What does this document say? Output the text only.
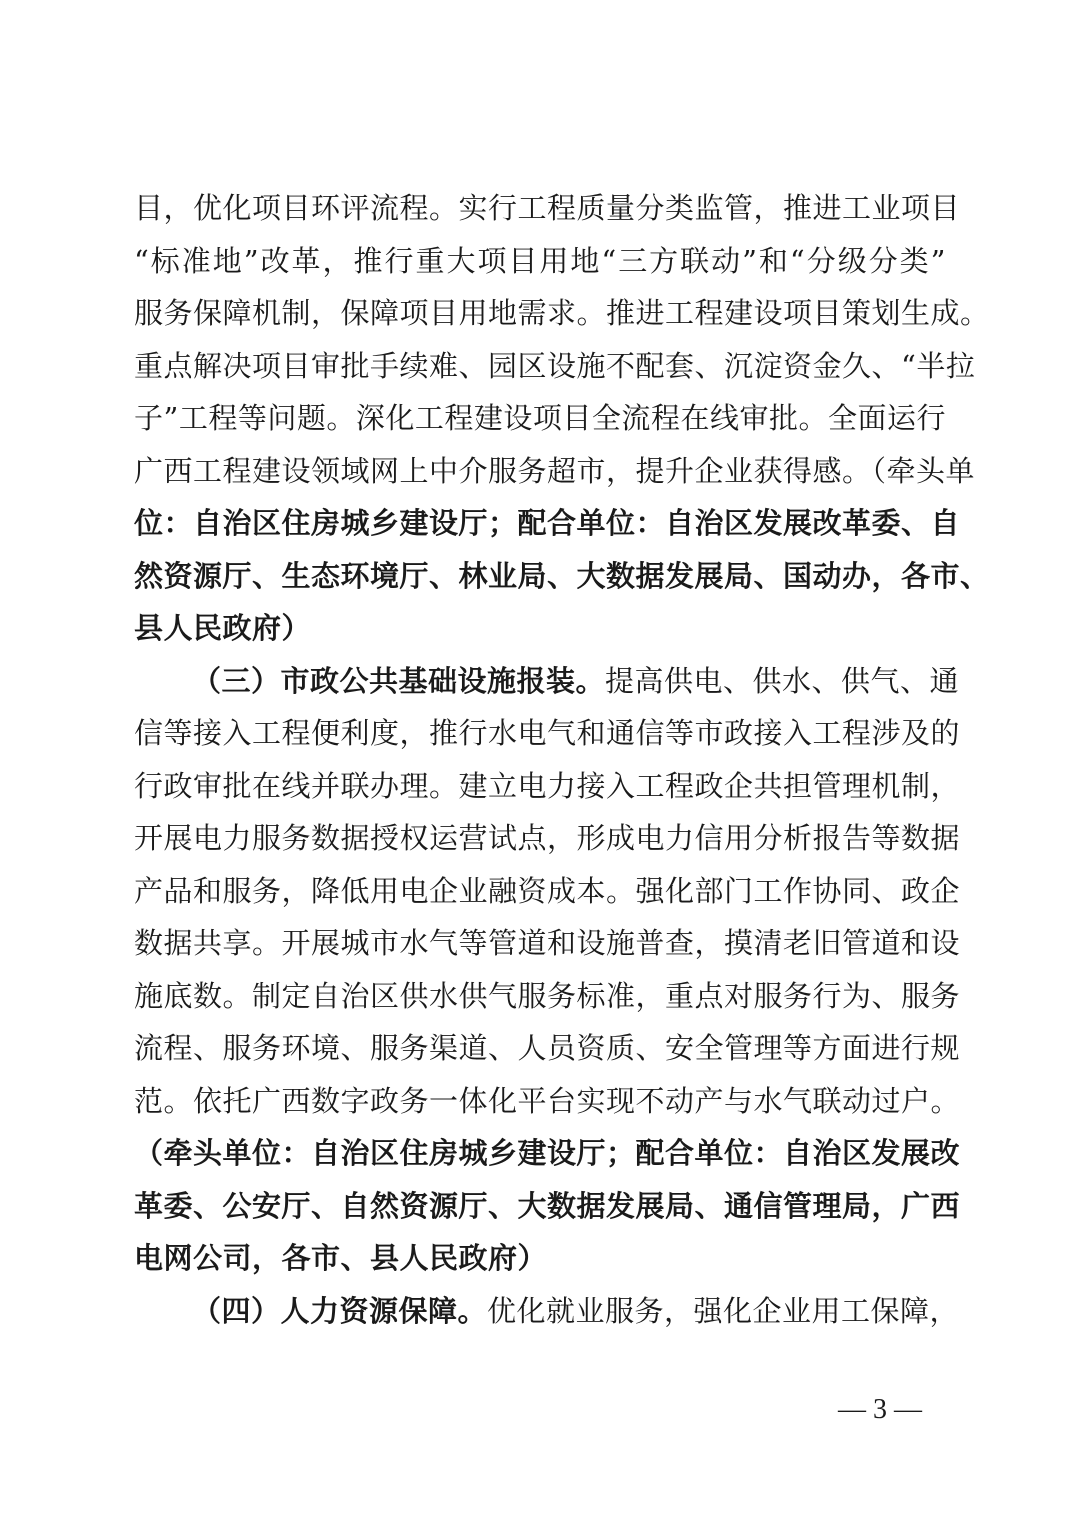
目，优化项目环评流程。实行工程质量分类监管，推进工业项目
“标准地”改革，推行重大项目用地“三方联动”和“分级分类”
服务保障机制，保障项目用地需求。推进工程建设项目策划生成。
重点解决项目审批手续难、园区设施不配套、沉淀资金久、“半拉
子”工程等问题。深化工程建设项目全流程在线审批。全面运行
广西工程建设领域网上中介服务超市，提升企业获得感。（牵头单
位：自治区住房城乡建设厅；配合单位：自治区发展改革委、自
然资源厅、生态环境厅、林业局、大数据发展局、国动办，各市、
县人民政府）
（三）市政公共基础设施报装。提高供电、供水、供气、通
信等接入工程便利度，推行水电气和通信等市政接入工程涉及的
行政审批在线并联办理。建立电力接入工程政企共担管理机制，
开展电力服务数据授权运营试点，形成电力信用分析报告等数据
产品和服务，降低用电企业融资成本。强化部门工作协同、政企
数据共享。开展城市水气等管道和设施普查，摸清老旧管道和设
施底数。制定自治区供水供气服务标准，重点对服务行为、服务
流程、服务环境、服务渠道、人员资质、安全管理等方面进行规
范。依托广西数字政务一体化平台实现不动产与水气联动过户。
（牵头单位：自治区住房城乡建设厅；配合单位：自治区发展改
革委、公安厅、自然资源厅、大数据发展局、通信管理局，广西
电网公司，各市、县人民政府）
（四）人力资源保障。优化就业服务，强化企业用工保障，
— 3 —
